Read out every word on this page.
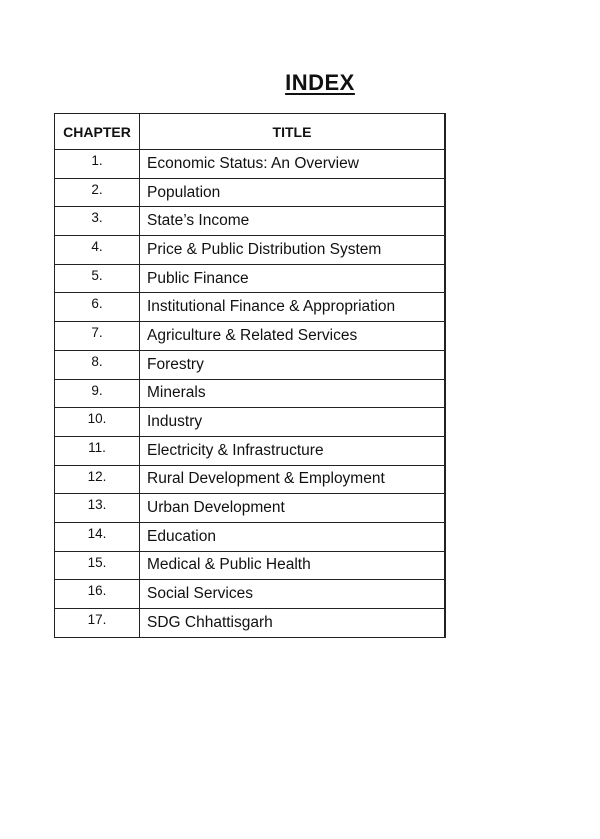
INDEX
CHAPTER	TITLE
1.	Economic Status: An Overview
2.	Population
3.	State’s Income
4.	Price & Public Distribution System
5.	Public Finance
6.	Institutional Finance & Appropriation
7.	Agriculture & Related Services
8.	Forestry
9.	Minerals
10.	Industry
11.	Electricity & Infrastructure
12.	Rural Development & Employment
13.	Urban Development
14.	Education
15.	Medical & Public Health
16.	Social Services
17.	SDG Chhattisgarh
